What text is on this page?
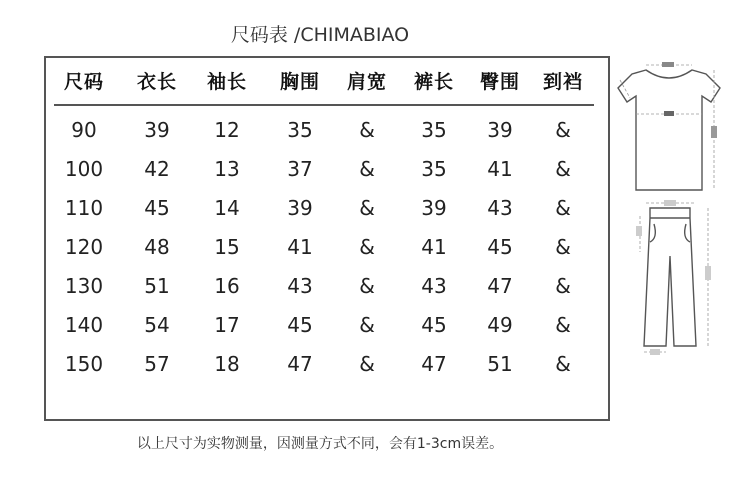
尺码表 /CHIMABIAO
尺码	衣长	袖长	胸围	肩宽	裤长	臀围	到裆
90	39	12	35	&	35	39	&
100	42	13	37	&	35	41	&
110	45	14	39	&	39	43	&
120	48	15	41	&	41	45	&
130	51	16	43	&	43	47	&
140	54	17	45	&	45	49	&
150	57	18	47	&	47	51	&
以上尺寸为实物测量，因测量方式不同，会有1-3cm误差。
